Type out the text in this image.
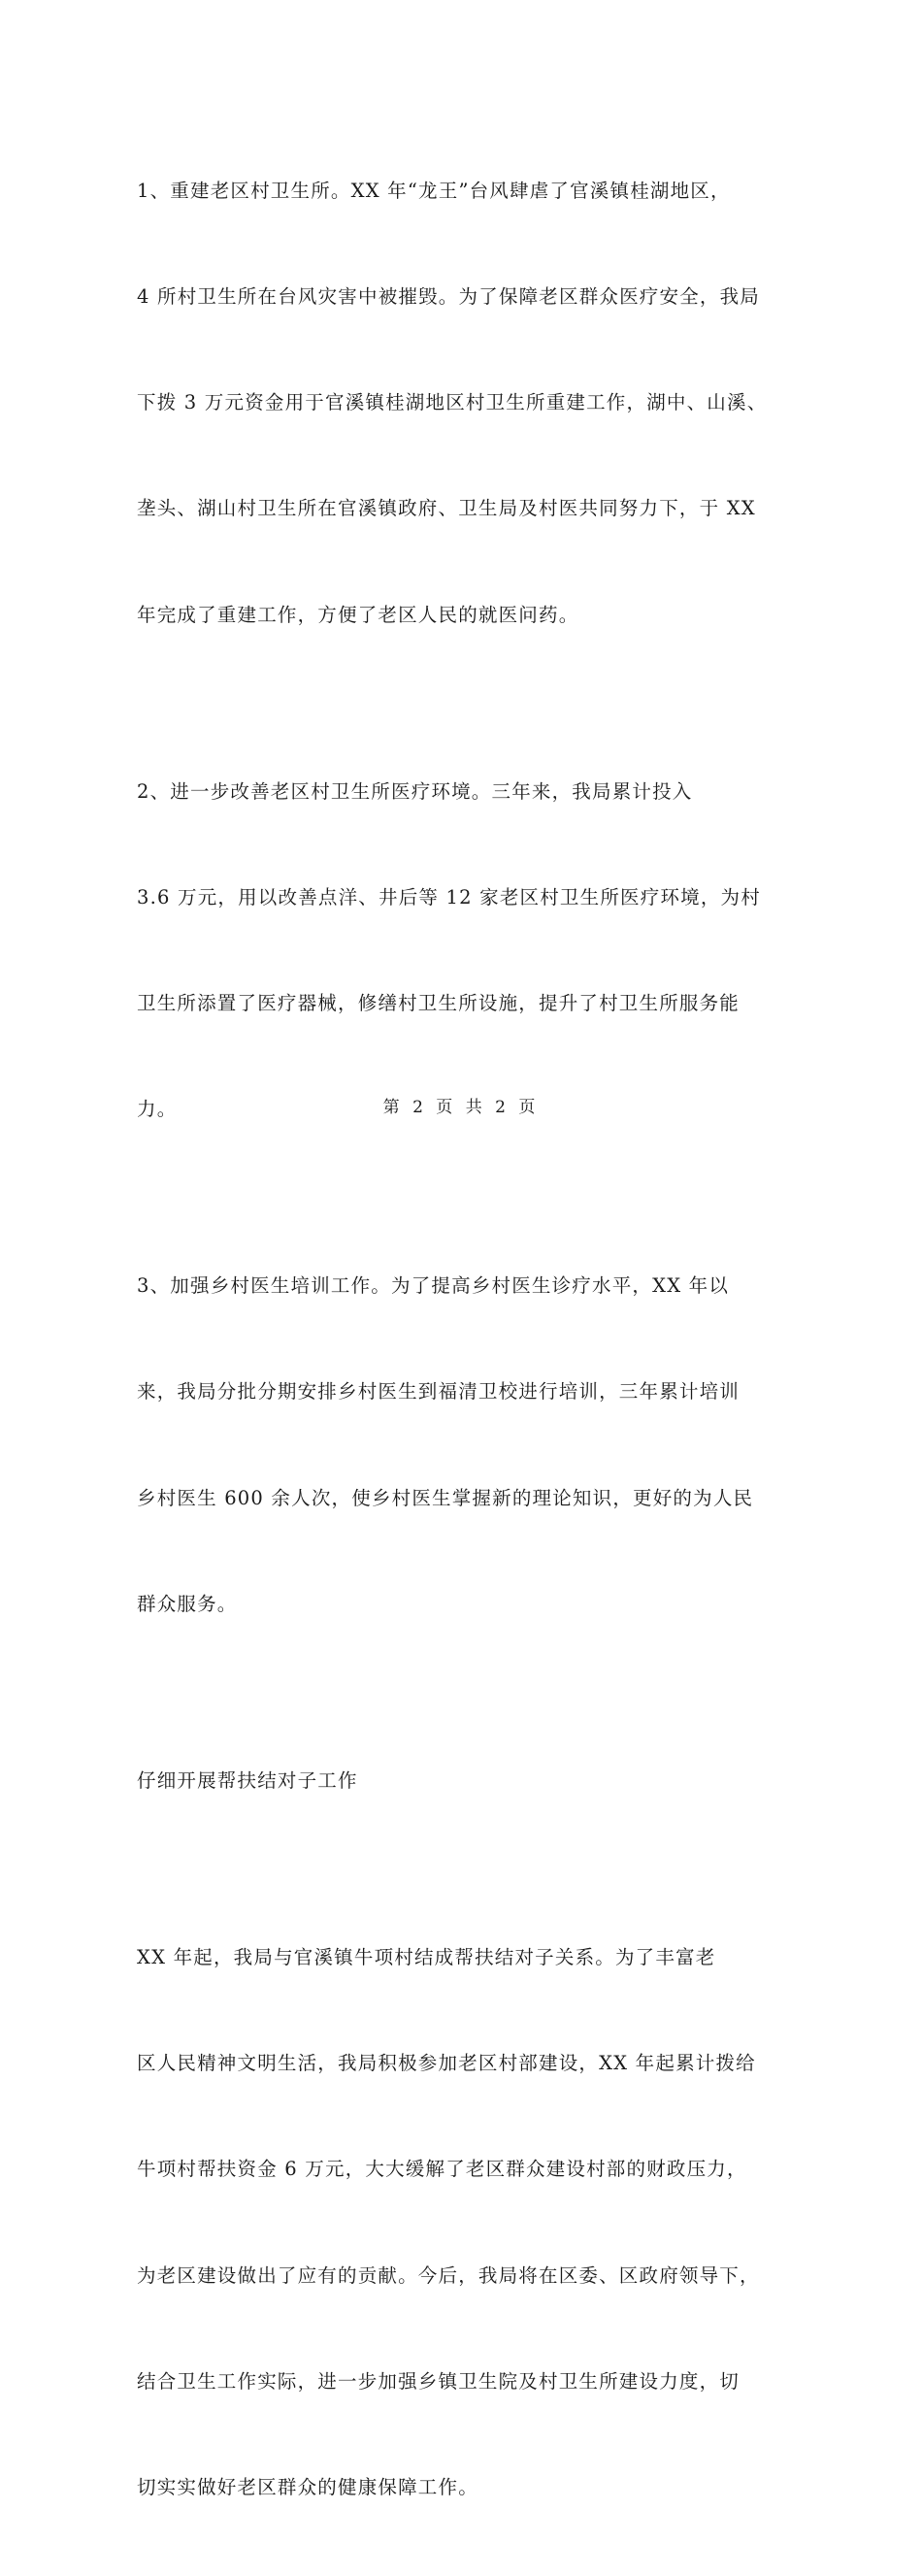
1、重建老区村卫生所。XX 年“龙王”台风肆虐了官溪镇桂湖地区，

4 所村卫生所在台风灾害中被摧毁。为了保障老区群众医疗安全，我局

下拨 3 万元资金用于官溪镇桂湖地区村卫生所重建工作，湖中、山溪、

垄头、湖山村卫生所在官溪镇政府、卫生局及村医共同努力下，于 XX

年完成了重建工作，方便了老区人民的就医问药。

2、进一步改善老区村卫生所医疗环境。三年来，我局累计投入

3.6 万元，用以改善点洋、井后等 12 家老区村卫生所医疗环境，为村

卫生所添置了医疗器械，修缮村卫生所设施，提升了村卫生所服务能

力。

3、加强乡村医生培训工作。为了提高乡村医生诊疗水平，XX 年以

来，我局分批分期安排乡村医生到福清卫校进行培训，三年累计培训

乡村医生 600 余人次，使乡村医生掌握新的理论知识，更好的为人民

群众服务。

仔细开展帮扶结对子工作

XX 年起，我局与官溪镇牛项村结成帮扶结对子关系。为了丰富老

区人民精神文明生活，我局积极参加老区村部建设，XX 年起累计拨给

牛项村帮扶资金 6 万元，大大缓解了老区群众建设村部的财政压力，

为老区建设做出了应有的贡献。今后，我局将在区委、区政府领导下，

结合卫生工作实际，进一步加强乡镇卫生院及村卫生所建设力度，切

切实实做好老区群众的健康保障工作。

第 2 页 共 2 页
